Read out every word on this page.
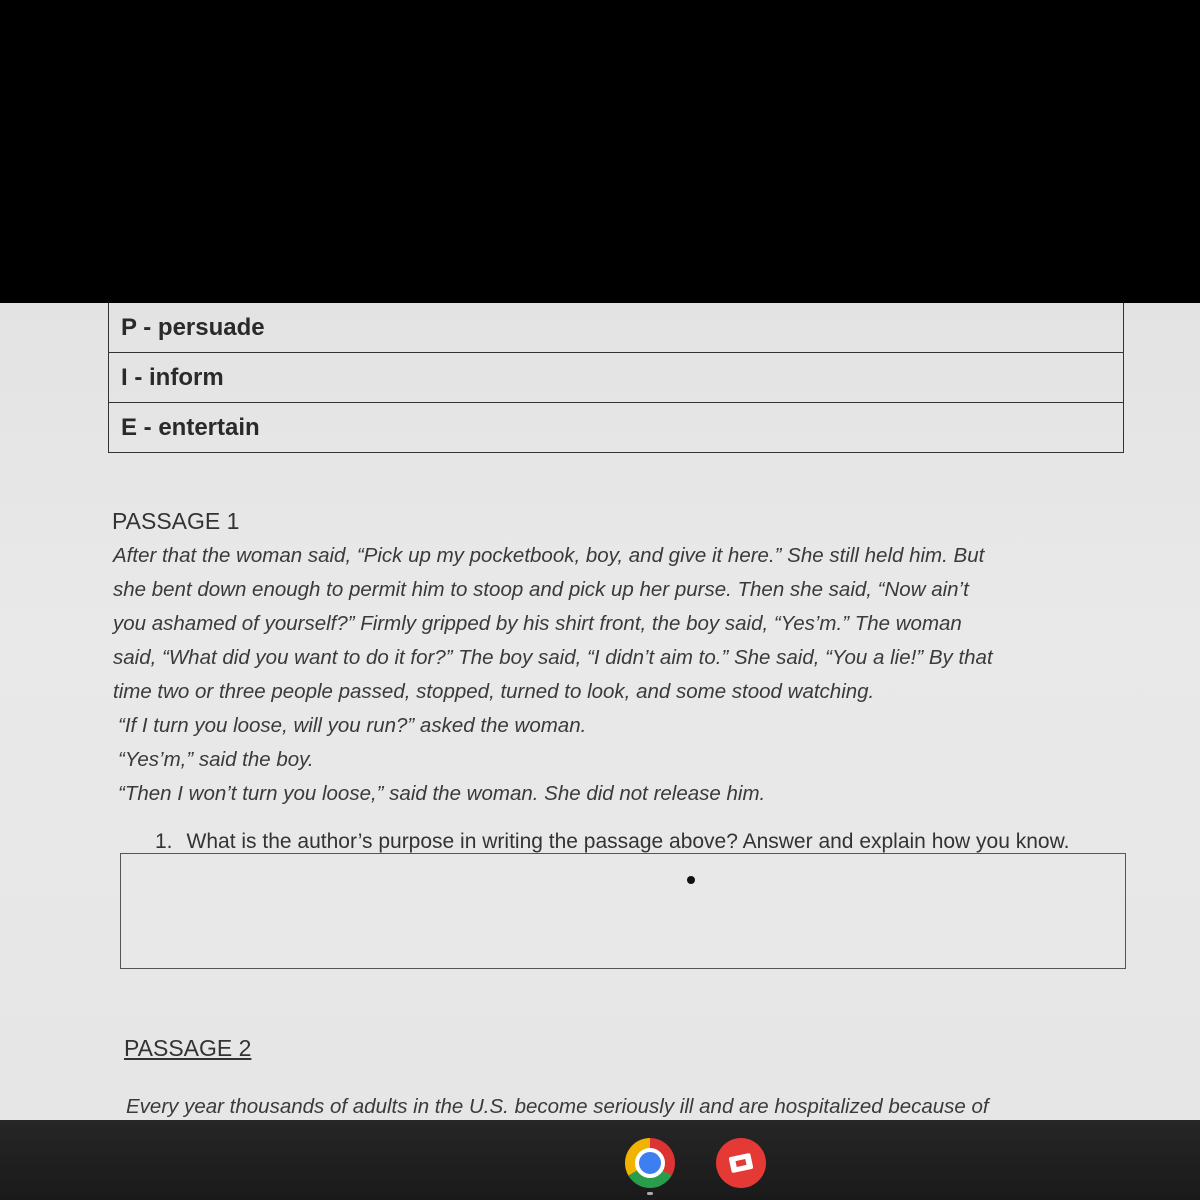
P - persuade
I - inform
E - entertain
PASSAGE 1

After that the woman said, “Pick up my pocketbook, boy, and give it here.” She still held him. But

she bent down enough to permit him to stoop and pick up her purse. Then she said, “Now ain’t

you ashamed of yourself?” Firmly gripped by his shirt front, the boy said, “Yes’m.” The woman

said, “What did you want to do it for?” The boy said, “I didn’t aim to.” She said, “You a lie!” By that

time two or three people passed, stopped, turned to look, and some stood watching.

“If I turn you loose, will you run?” asked the woman.

“Yes’m,” said the boy.

“Then I won’t turn you loose,” said the woman. She did not release him.

1. What is the author’s purpose in writing the passage above? Answer and explain how you know.
PASSAGE 2
Every year thousands of adults in the U.S. become seriously ill and are hospitalized because of
